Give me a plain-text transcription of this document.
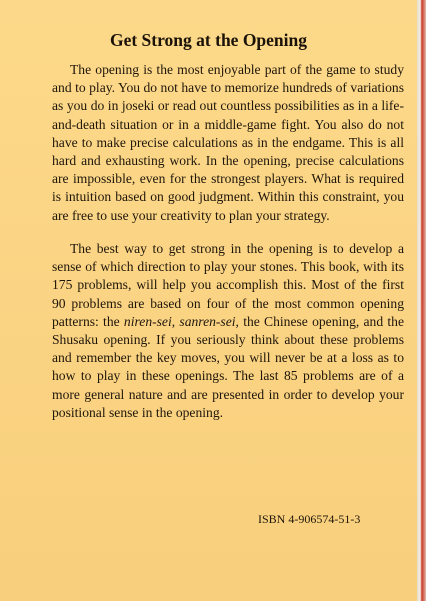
Get Strong at the Opening

The opening is the most enjoyable part of the game to study and to play. You do not have to memorize hundreds of variations as you do in joseki or read out countless possibilities as in a life-and-death situation or in a middle-game fight. You also do not have to make precise calculations as in the endgame. This is all hard and exhausting work. In the opening, precise calculations are impossible, even for the strongest players. What is required is intuition based on good judgment. Within this constraint, you are free to use your creativity to plan your strategy.

The best way to get strong in the opening is to develop a sense of which direction to play your stones. This book, with its 175 problems, will help you accomplish this. Most of the first 90 problems are based on four of the most common opening patterns: the niren-sei, sanren-sei, the Chinese opening, and the Shusaku opening. If you seriously think about these problems and remember the key moves, you will never be at a loss as to how to play in these openings. The last 85 problems are of a more general nature and are presented in order to develop your positional sense in the opening.

ISBN 4-906574-51-3
